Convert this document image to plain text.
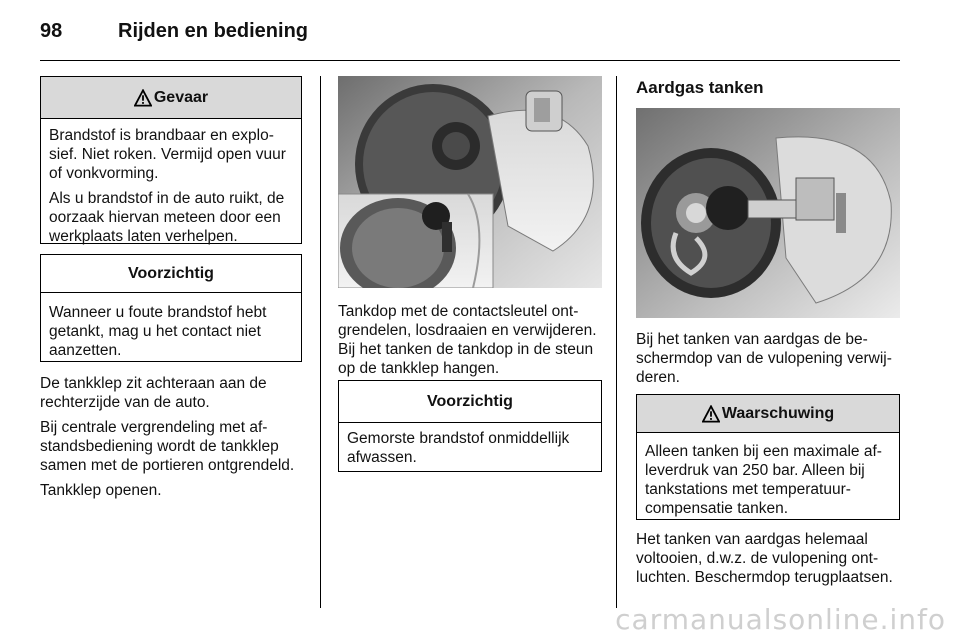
98	Rijden en bediening
Gevaar

Brandstof is brandbaar en explosief. Niet roken. Vermijd open vuur of vonkvorming.

Als u brandstof in de auto ruikt, de oorzaak hiervan meteen door een werkplaats laten verhelpen.

Voorzichtig

Wanneer u foute brandstof hebt getankt, mag u het contact niet aanzetten.

De tankklep zit achteraan aan de rechterzijde van de auto.

Bij centrale vergrendeling met afstandsbediening wordt de tankklep samen met de portieren ontgrendeld.

Tankklep openen.

Tankdop met de contactsleutel ontgrendelen, losdraaien en verwijderen. Bij het tanken de tankdop in de steun op de tankklep hangen.

Voorzichtig

Gemorste brandstof onmiddellijk afwassen.

Aardgas tanken

Bij het tanken van aardgas de beschermdop van de vulopening verwijderen.

Waarschuwing

Alleen tanken bij een maximale afleverdruk van 250 bar. Alleen bij tankstations met temperatuurcompensatie tanken.

Het tanken van aardgas helemaal voltooien, d.w.z. de vulopening ontluchten. Beschermdop terugplaatsen.

carmanualsonline.info
